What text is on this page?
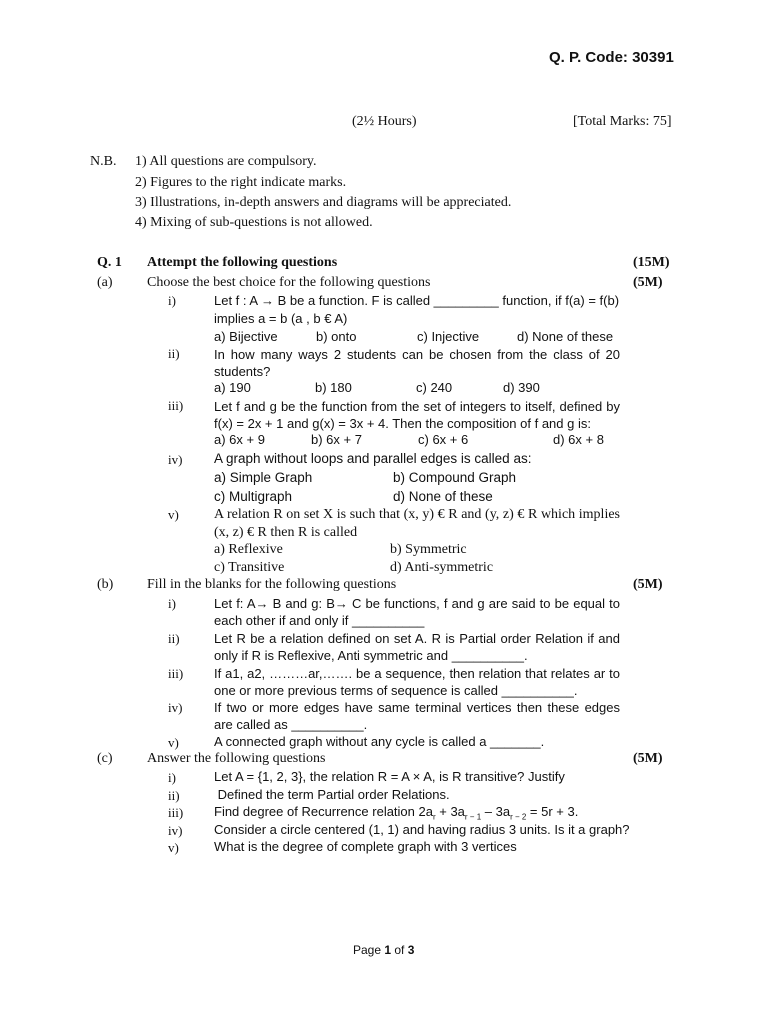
Q. P. Code: 30391
(2½ Hours)	[Total Marks: 75]
N.B. 1) All questions are compulsory.
2) Figures to the right indicate marks.
3) Illustrations, in-depth answers and diagrams will be appreciated.
4) Mixing of sub-questions is not allowed.
Q. 1 Attempt the following questions	(15M)
(a) Choose the best choice for the following questions	(5M)
i)	Let f : A → B be a function. F is called _________ function, if f(a) = f(b)
implies a = b (a , b € A)
a) Bijective	b) onto	c) Injective	d) None of these
ii)	In how many ways 2 students can be chosen from the class of 20 students?
a) 190	b) 180	c) 240	d) 390
iii) Let f and g be the function from the set of integers to itself, defined by f(x) = 2x + 1 and g(x) = 3x + 4. Then the composition of f and g is:
a) 6x + 9	b) 6x + 7	c) 6x + 6	d) 6x + 8
iv) A graph without loops and parallel edges is called as:
a) Simple Graph	b) Compound Graph
c) Multigraph	d) None of these
v)	A relation R on set X is such that (x, y) € R and (y, z) € R which implies (x, z) € R then R is called
a) Reflexive	b) Symmetric
c) Transitive	d) Anti-symmetric
(b) Fill in the blanks for the following questions	(5M)
i)	Let f: A→ B and g: B→ C be functions, f and g are said to be equal to each other if and only if __________
ii)	Let R be a relation defined on set A. R is Partial order Relation if and only if R is Reflexive, Anti symmetric and __________.
iii) If a1, a2, ………ar,……. be a sequence, then relation that relates ar to one or more previous terms of sequence is called __________.
iv) If two or more edges have same terminal vertices then these edges are called as __________.
v)	A connected graph without any cycle is called a _______.
(c) Answer the following questions	(5M)
i)	Let A = {1, 2, 3}, the relation R = A × A, is R transitive? Justify
ii)	Defined the term Partial order Relations.
iii) Find degree of Recurrence relation $2a_r + 3a_{r - 1} - 3a_{r - 2} = 5r + 3$.
iv) Consider a circle centered (1, 1) and having radius 3 units. Is it a graph?
v)	What is the degree of complete graph with 3 vertices
Page 1 of 3
